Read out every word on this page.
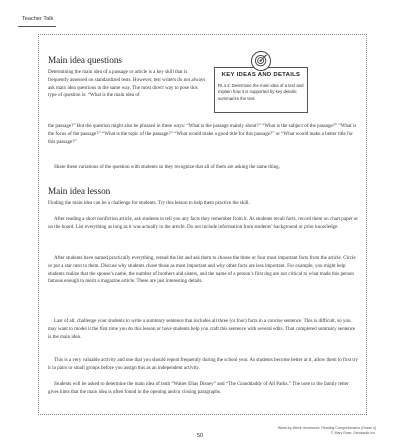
Teacher Talk

KEY IDEAS AND DETAILS

RI.4.2: Determine the main idea of a text and explain how it is supported by key details; summarize the text.

Main idea questions

Determining the main idea of a passage or article is a key skill that is frequently assessed on standardized tests. However, test writers do not always ask main idea questions in the same way. The most direct way to pose this type of question is: “What is the main idea of

the passage?” But the question might also be phrased in these ways: “What is the passage mainly about?” “What is the subject of the passage?” “What is the focus of the passage?” “What is the topic of the passage?” “What would make a good title for this passage?” or “What would make a better title for this passage?”

Share these variations of the question with students so they recognize that all of them are asking the same thing.

Main idea lesson

Finding the main idea can be a challenge for students. Try this lesson to help them practice the skill.

After reading a short nonfiction article, ask students to tell you any facts they remember from it. As students recall facts, record them on chart paper or on the board. List everything as long as it was actually in the article. Do not include information from students’ background or prior knowledge.

After students have named practically everything, reread the list and ask them to choose the three or four most important facts from the article. Circle or put a star next to them. Discuss why students chose those as most important and why other facts are less important. For example, you might help students realize that the spouse’s name, the number of brothers and sisters, and the name of a person’s first dog are not critical to what made this person famous enough to merit a magazine article. These are just interesting details.

Last of all, challenge your students to write a summary sentence that includes all three (or four) facts in a concise sentence. This is difficult, so you may want to model it the first time you do this lesson or have students help you craft this sentence with several edits. That completed summary sentence is the main idea.

This is a very valuable activity and one that you should repeat frequently during the school year. As students become better at it, allow them to first try it in pairs or small groups before you assign this as an independent activity.

Students will be asked to determine the main idea of both “Walter Elias Disney” and “The Granddaddy of All Parks.” The note to the family letter gives hints that the main idea is often found in the opening and/or closing paragraphs.

50

Week-by-Week Homework: Reading Comprehension (Grade 4)
© Mary Rose, Scholastic Inc.
